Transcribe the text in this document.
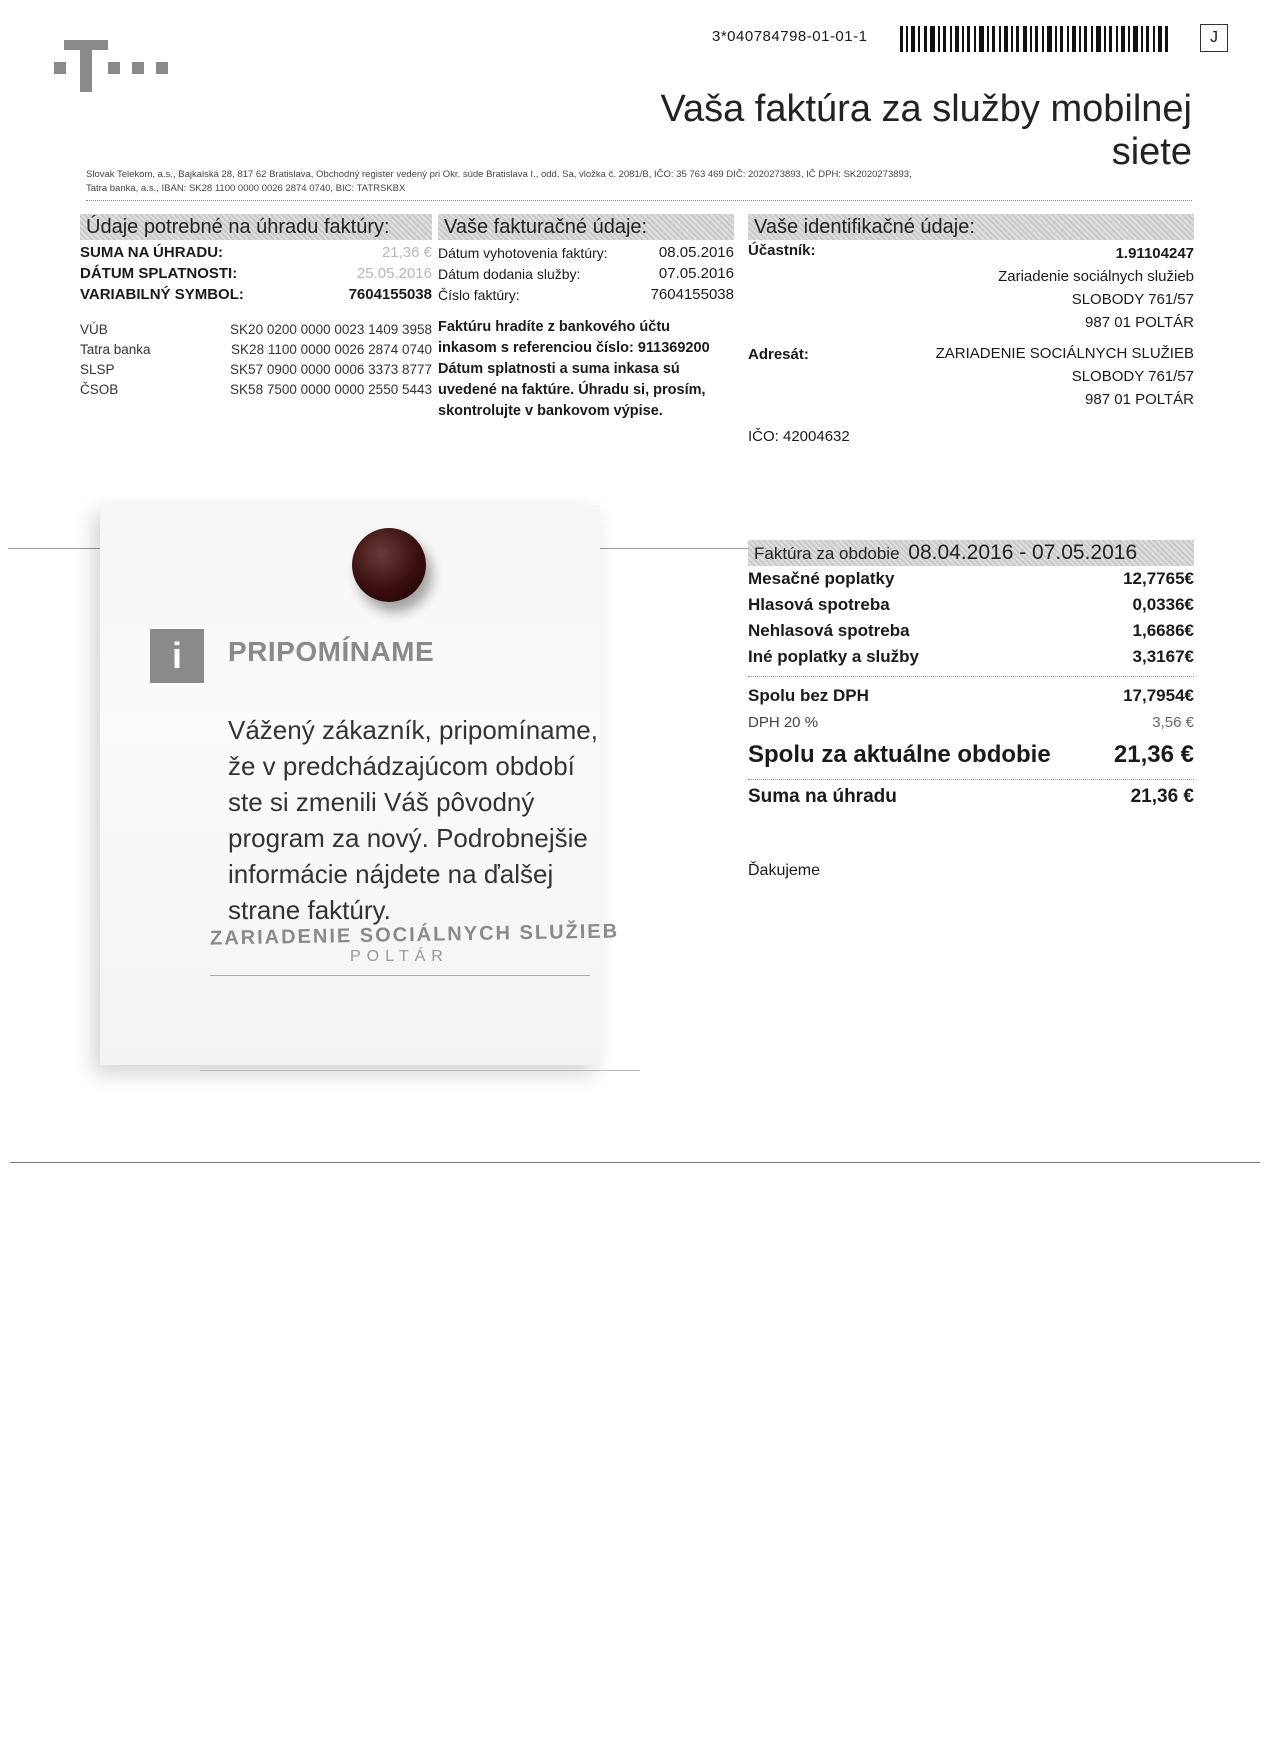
3*040784798-01-01-1	J
Vaša faktúra za služby mobilnej siete
Slovak Telekom, a.s., Bajkalská 28, 817 62 Bratislava, Obchodný register vedený pri Okr. súde Bratislava I., odd. Sa, vložka č. 2081/B, IČO: 35 763 469 DIČ: 2020273893, IČ DPH: SK2020273893,
Tatra banka, a.s., IBAN: SK28 1100 0000 0026 2874 0740, BIC: TATRSKBX
Údaje potrebné na úhradu faktúry:
SUMA NA ÚHRADU:	21,36 €
DÁTUM SPLATNOSTI:	25.05.2016
VARIABILNÝ SYMBOL:	7604155038
VÚB	SK20 0200 0000 0023 1409 3958
Tatra banka	SK28 1100 0000 0026 2874 0740
SLSP	SK57 0900 0000 0006 3373 8777
ČSOB	SK58 7500 0000 0000 2550 5443
Vaše fakturačné údaje:
Dátum vyhotovenia faktúry:	08.05.2016
Dátum dodania služby:	07.05.2016
Číslo faktúry:	7604155038
Faktúru hradíte z bankového účtu inkasom s referenciou číslo: 911369200 Dátum splatnosti a suma inkasa sú uvedené na faktúre. Úhradu si, prosím, skontrolujte v bankovom výpise.
Vaše identifikačné údaje:
Účastník:	1.91104247
Zariadenie sociálnych služieb
SLOBODY 761/57
987 01 POLTÁR
Adresát:	ZARIADENIE SOCIÁLNYCH SLUŽIEB
SLOBODY 761/57
987 01 POLTÁR
IČO: 42004632
i	PRIPOMÍNAME
Vážený zákazník, pripomíname, že v predchádzajúcom období ste si zmenili Váš pôvodný program za nový. Podrobnejšie informácie nájdete na ďalšej strane faktúry.
ZARIADENIE SOCIÁLNYCH SLUŽIEB
POLTÁR
Faktúra za obdobie 08.04.2016 - 07.05.2016
Mesačné poplatky	12,7765€
Hlasová spotreba	0,0336€
Nehlasová spotreba	1,6686€
Iné poplatky a služby	3,3167€
Spolu bez DPH	17,7954€
DPH 20 %	3,56 €
Spolu za aktuálne obdobie	21,36 €
Suma na úhradu	21,36 €
Ďakujeme
